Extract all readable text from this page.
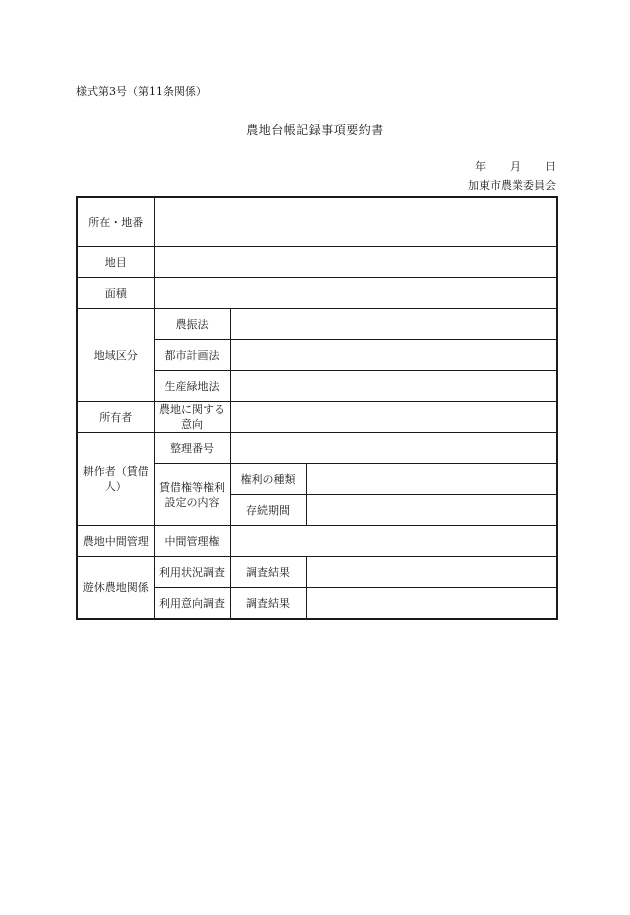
様式第3号（第11条関係）
農地台帳記録事項要約書
年 月 日
加東市農業委員会
所在・地番			
地目			
面積			
地域区分	農振法		
	都市計画法		
	生産緑地法		
所有者	農地に関する意向		
耕作者（賃借人）	整理番号		
	賃借権等権利設定の内容	権利の種類	
		存続期間	
農地中間管理	中間管理権		
遊休農地関係	利用状況調査	調査結果	
	利用意向調査	調査結果	
